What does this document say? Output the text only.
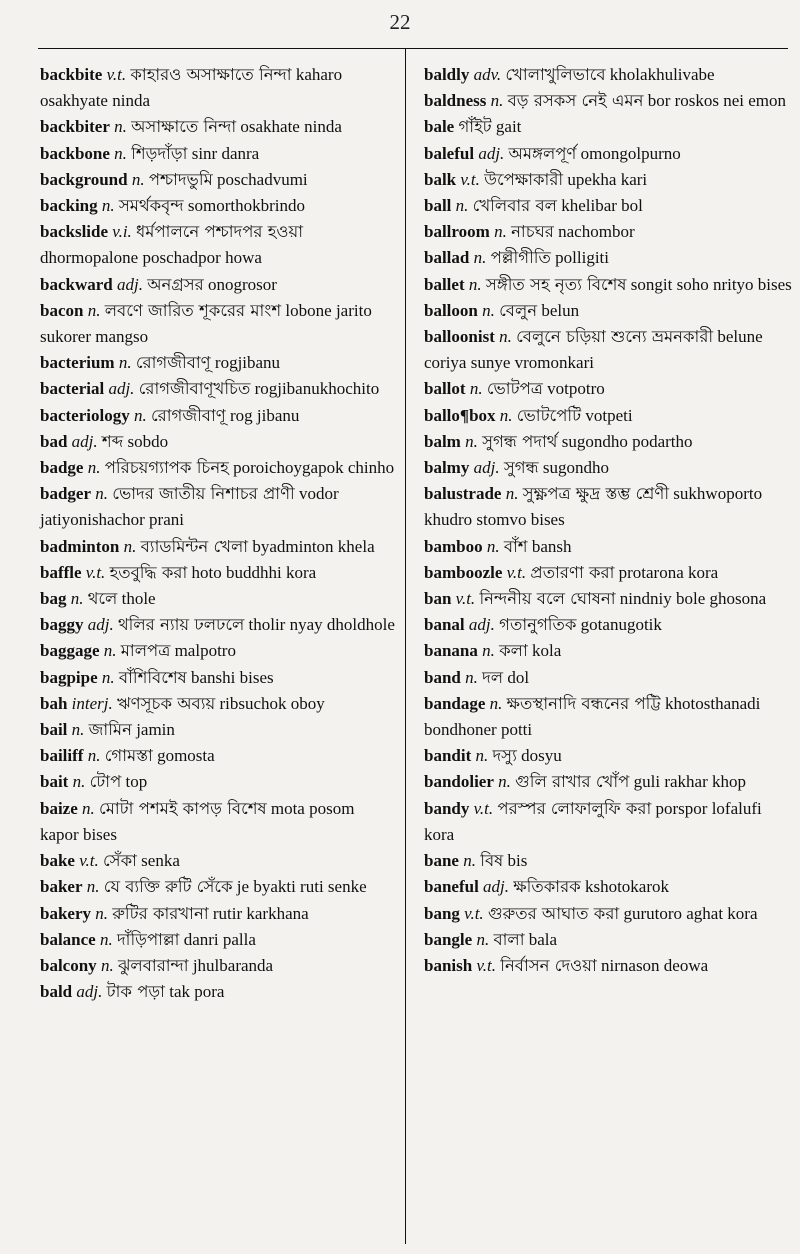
22

backbite v.t. কাহারও অসাক্ষাতে নিন্দা kaharo osakhyate ninda

backbiter n. অসাক্ষাতে নিন্দা osakhate ninda

backbone n. শিড়দাঁড়া sinr danra

background n. পশ্চাদভুমি poschadvumi

backing n. সমর্থকবৃন্দ somorthokbrindo

backslide v.i. ধর্মপালনে পশ্চাদপর হওয়া dhormopalone poschadpor howa

backward adj. অনগ্রসর onogrosor

bacon n. লবণে জারিত শূকরের মাংশ lobone jarito sukorer mangso

bacterium n. রোগজীবাণূ rogjibanu

bacterial adj. রোগজীবাণূখচিত rogjibanukhochito

bacteriology n. রোগজীবাণূ rog jibanu

bad adj. শব্দ sobdo

badge n. পরিচয়গ্যাপক চিনহ poroichoygapok chinho

badger n. ভোদর জাতীয় নিশাচর প্রাণী vodor jatiyonishachor prani

badminton n. ব্যাডমিন্টন খেলা byadminton khela

baffle v.t. হতবুদ্ধি করা hoto buddhhi kora

bag n. থলে thole

baggy adj. থলির ন্যায় ঢলঢলে tholir nyay dholdhole

baggage n. মালপত্র malpotro

bagpipe n. বাঁশিবিশেষ banshi bises

bah interj. ঋণসূচক অব্যয় ribsuchok oboy

bail n. জামিন jamin

bailiff n. গোমস্তা gomosta

bait n. টোপ top

baize n. মোটা পশমই কাপড় বিশেষ mota posom kapor bises

bake v.t. সেঁকা senka

baker n. যে ব্যক্তি রুটি সেঁকে je byakti ruti senke

bakery n. রুটির কারখানা rutir karkhana

balance n. দাঁড়িপাল্লা danri palla

balcony n. ঝুলবারান্দা jhulbaranda

bald adj. টাক পড়া tak pora

baldly adv. খোলাখুলিভাবে kholakhulivabe

baldness n. বড় রসকস নেই এমন bor roskos nei emon

bale গাঁইট gait

baleful adj. অমঙ্গলপূর্ণ omongolpurno

balk v.t. উপেক্ষাকারী upekha kari

ball n. খেলিবার বল khelibar bol

ballroom n. নাচঘর nachombor

ballad n. পল্লীগীতি polligiti

ballet n. সঙ্গীত সহ নৃত্য বিশেষ songit soho nrityo bises

balloon n. বেলুন belun

balloonist n. বেলুনে চড়িয়া শুন্যে ভ্রমনকারী belune coriya sunye vromonkari

ballot n. ভোটপত্র votpotro

ballo¶box n. ভোটপেটি votpeti

balm n. সুগন্ধ পদার্থ sugondho podartho

balmy adj. সুগন্ধ sugondho

balustrade n. সুক্ষ্ণপত্র ক্ষুদ্র স্তম্ভ শ্রেণী sukhwoporto khudro stomvo bises

bamboo n. বাঁশ bansh

bamboozle v.t. প্রতারণা করা protarona kora

ban v.t. নিন্দনীয় বলে ঘোষনা nindniy bole ghosona

banal adj. গতানুগতিক gotanugotik

banana n. কলা kola

band n. দল dol

bandage n. ক্ষতস্থানাদি বন্ধনের পট্টি khotosthanadi bondhoner potti

bandit n. দস্যু dosyu

bandolier n. গুলি রাখার খোঁপ guli rakhar khop

bandy v.t. পরস্পর লোফালুফি করা porspor lofalufi kora

bane n. বিষ bis

baneful adj. ক্ষতিকারক kshotokarok

bang v.t. গুরুতর আঘাত করা gurutoro aghat kora

bangle n. বালা bala

banish v.t. নির্বাসন দেওয়া nirnason deowa
